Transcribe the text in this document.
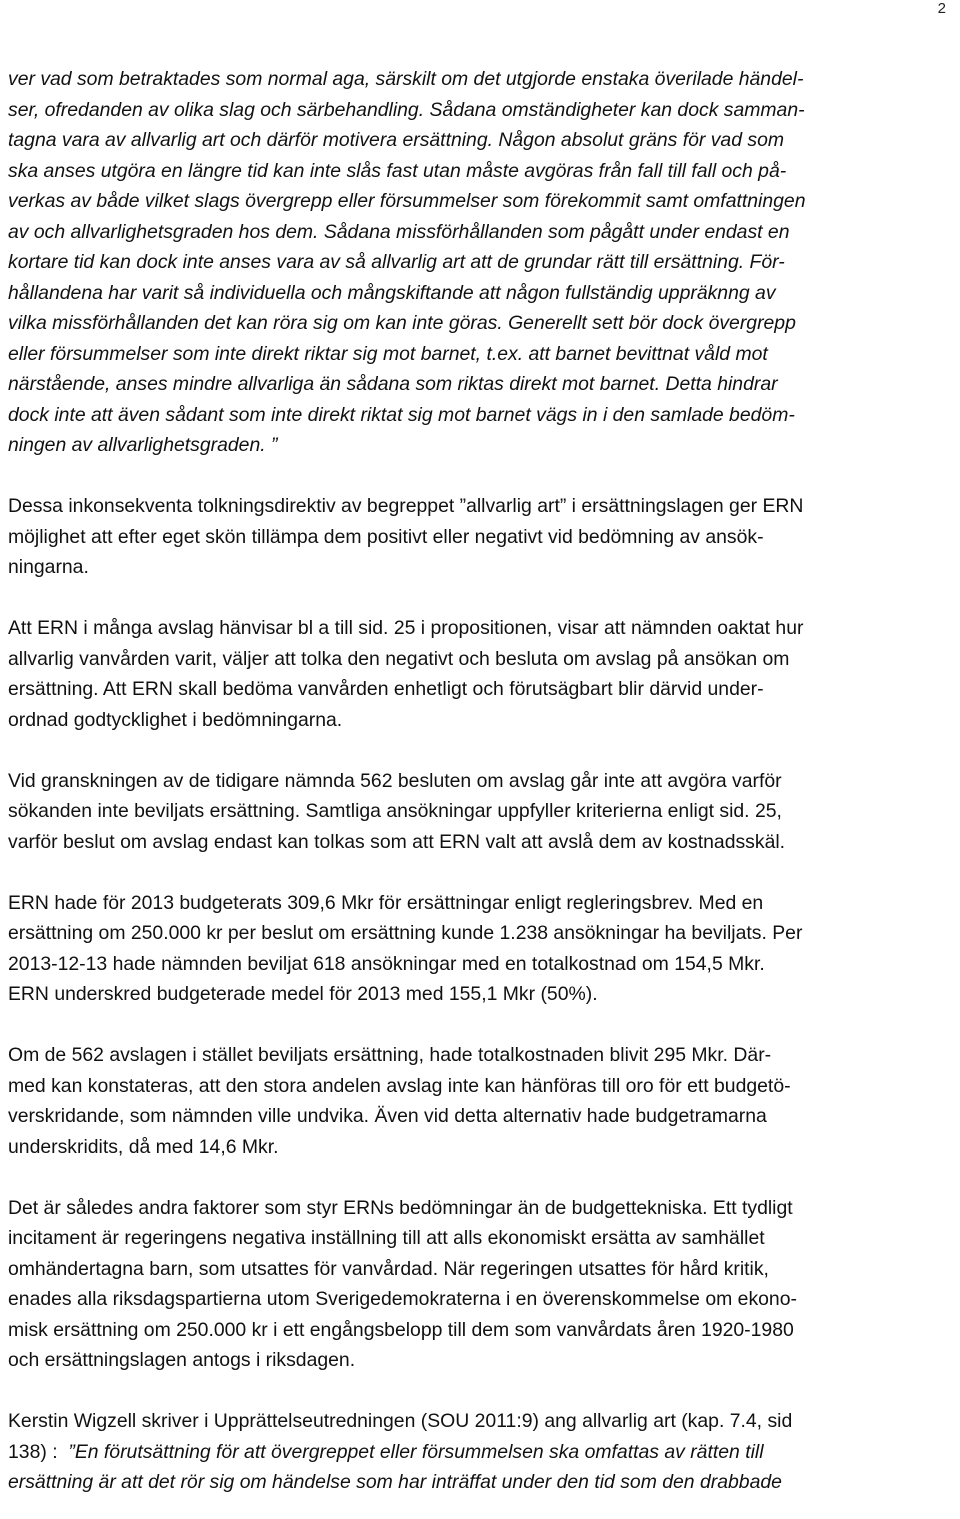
2
ver vad som betraktades som normal aga, särskilt om det utgjorde enstaka överilade händel-
ser, ofredanden av olika slag och särbehandling. Sådana omständigheter kan dock samman-
tagna vara av allvarlig art och därför motivera ersättning. Någon absolut gräns för vad som
ska anses utgöra en längre tid kan inte slås fast utan måste avgöras från fall till fall och på-
verkas av både vilket slags övergrepp eller försummelser som förekommit samt omfattningen
av och allvarlighetsgraden hos dem. Sådana missförhållanden som pågått under endast en
kortare tid kan dock inte anses vara av så allvarlig art att de grundar rätt till ersättning. För-
hållandena har varit så individuella och mångskiftande att någon fullständig uppräknng av
vilka missförhållanden det kan röra sig om kan inte göras. Generellt sett bör dock övergrepp
eller försummelser som inte direkt riktar sig mot barnet, t.ex. att barnet bevittnat våld mot
närstående, anses mindre allvarliga än sådana som riktas direkt mot barnet. Detta hindrar
dock inte att även sådant som inte direkt riktat sig mot barnet vägs in i den samlade bedöm-
ningen av allvarlighetsgraden. ”
Dessa inkonsekventa tolkningsdirektiv av begreppet ”allvarlig art” i ersättningslagen ger ERN
möjlighet att efter eget skön tillämpa dem positivt eller negativt vid bedömning av ansök-
ningarna.
Att ERN i många avslag hänvisar bl a till sid. 25 i propositionen, visar att nämnden oaktat hur
allvarlig vanvården varit, väljer att tolka den negativt och besluta om avslag på ansökan om
ersättning. Att ERN skall bedöma vanvården enhetligt och förutsägbart blir därvid under-
ordnad godtycklighet i bedömningarna.
Vid granskningen av de tidigare nämnda 562 besluten om avslag går inte att avgöra varför
sökanden inte beviljats ersättning. Samtliga ansökningar uppfyller kriterierna enligt sid. 25,
varför beslut om avslag endast kan tolkas som att ERN valt att avslå dem av kostnadsskäl.
ERN hade för 2013 budgeterats 309,6 Mkr för ersättningar enligt regleringsbrev. Med en
ersättning om 250.000 kr per beslut om ersättning kunde 1.238 ansökningar ha beviljats. Per
2013-12-13 hade nämnden beviljat 618 ansökningar med en totalkostnad om 154,5 Mkr.
ERN underskred budgeterade medel för 2013 med 155,1 Mkr (50%).
Om de 562 avslagen i stället beviljats ersättning, hade totalkostnaden blivit 295 Mkr. Där-
med kan konstateras, att den stora andelen avslag inte kan hänföras till oro för ett budgetö-
verskridande, som nämnden ville undvika. Även vid detta alternativ hade budgetramarna
underskridits, då med 14,6 Mkr.
Det är således andra faktorer som styr ERNs bedömningar än de budgettekniska. Ett tydligt
incitament är regeringens negativa inställning till att alls ekonomiskt ersätta av samhället
omhändertagna barn, som utsattes för vanvårdad. När regeringen utsattes för hård kritik,
enades alla riksdagspartierna utom Sverigedemokraterna i en överenskommelse om ekono-
misk ersättning om 250.000 kr i ett engångsbelopp till dem som vanvårdats åren 1920-1980
och ersättningslagen antogs i riksdagen.
Kerstin Wigzell skriver i Upprättelseutredningen (SOU 2011:9) ang allvarlig art (kap. 7.4, sid
138) :  ”En förutsättning för att övergreppet eller försummelsen ska omfattas av rätten till
ersättning är att det rör sig om händelse som har inträffat under den tid som den drabbade
